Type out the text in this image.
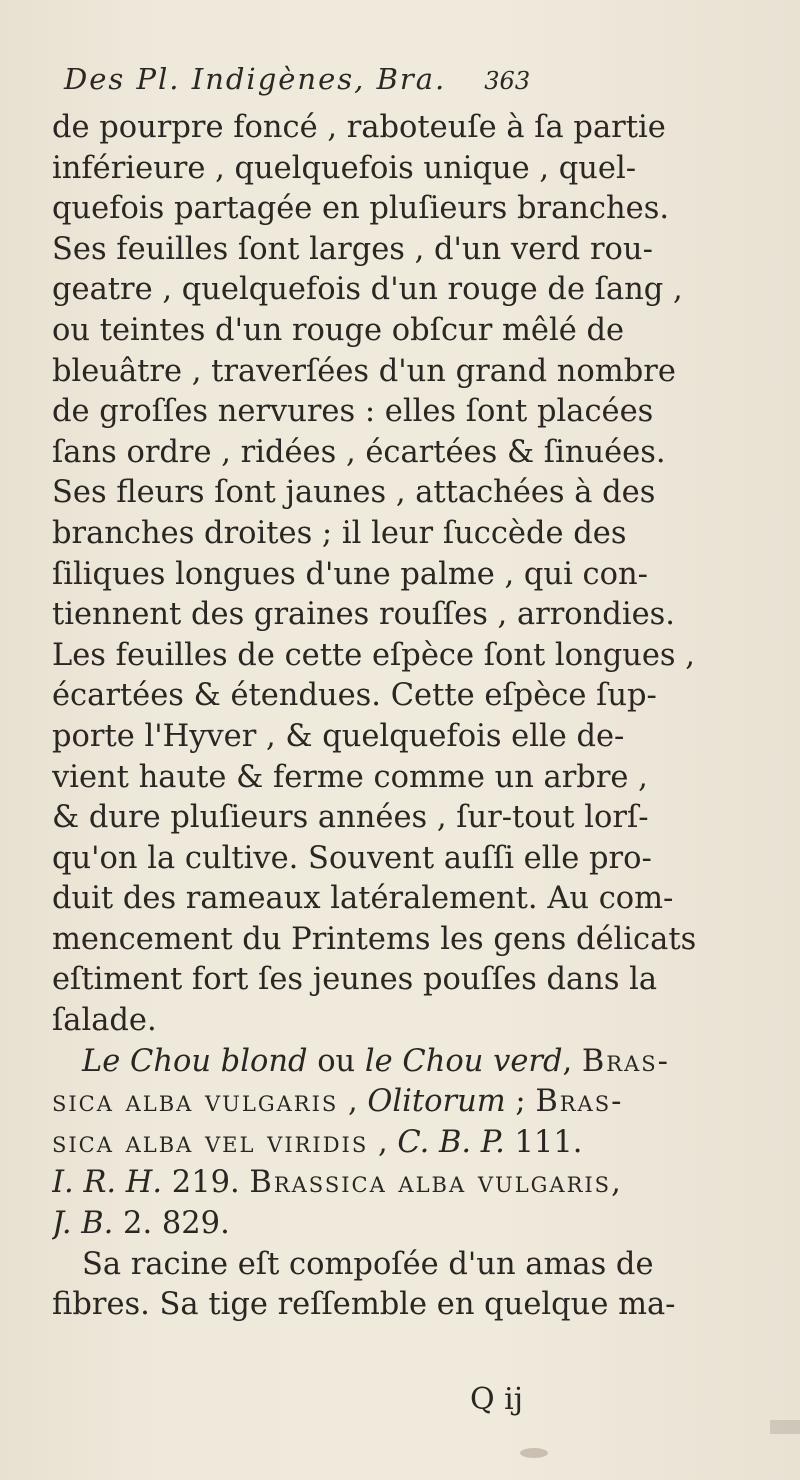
Des Pl. Indigènes, Bra. 363
de pourpre foncé , raboteuſe à ſa partie
inférieure , quelquefois unique , quel-
quefois partagée en pluſieurs branches.
Ses feuilles ſont larges , d'un verd rou-
geatre , quelquefois d'un rouge de ſang ,
ou teintes d'un rouge obſcur mêlé de
bleuâtre , traverſées d'un grand nombre
de groſſes nervures : elles ſont placées
ſans ordre , ridées , écartées & ſinuées.
Ses fleurs ſont jaunes , attachées à des
branches droites ; il leur ſuccède des
ſiliques longues d'une palme , qui con-
tiennent des graines rouſſes , arrondies.
Les feuilles de cette eſpèce ſont longues ,
écartées & étendues. Cette eſpèce ſup-
porte l'Hyver , & quelquefois elle de-
vient haute & ferme comme un arbre ,
& dure pluſieurs années , ſur-tout lorſ-
qu'on la cultive. Souvent auſſi elle pro-
duit des rameaux latéralement. Au com-
mencement du Printems les gens délicats
eſtiment fort ſes jeunes pouſſes dans la
ſalade.
Le Chou blond ou le Chou verd, Bras-
sica alba vulgaris , Olitorum ; Bras-
sica alba vel viridis , C. B. P. 111.
I. R. H. 219. Brassica alba vulgaris,
J. B. 2. 829.
Sa racine eſt compoſée d'un amas de
fibres. Sa tige reſſemble en quelque ma-
Q ij
